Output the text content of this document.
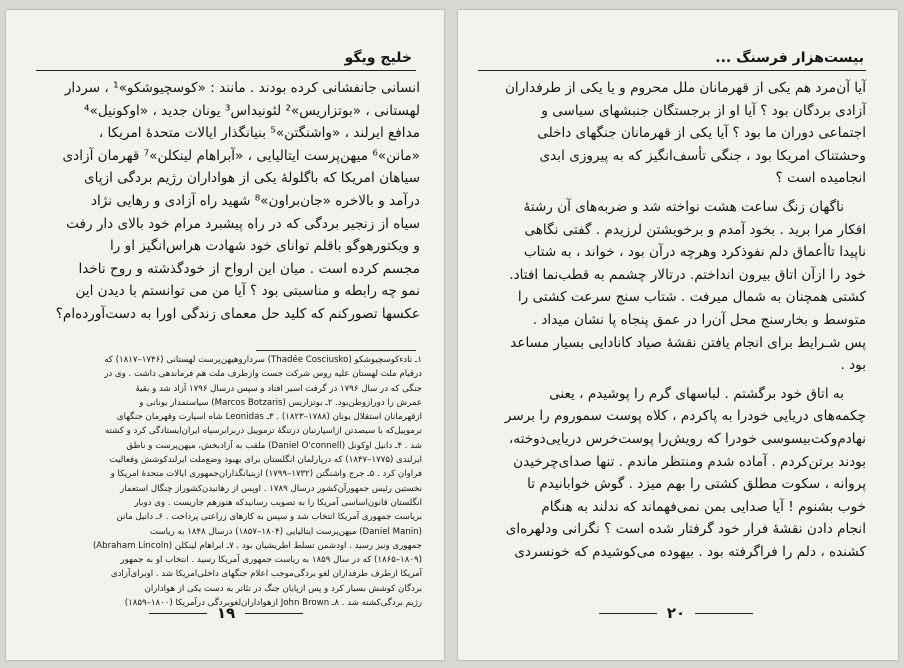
خلیج ویگو

انسانی جانفشانی کرده بودند . مانند : «کوسچیوشکو»¹ ، سردار

لهستانی ، «بوتزاریس»² لئونیداس³ یونان جدید ، «اوکونیل»⁴

مدافع ایرلند ، «واشنگتن»⁵ بنیانگذار ایالات متحدهٔ امریکا ،

«مانن»⁶ میهن‌پرست ایتالیایی ، «آبراهام لینکلن»⁷ قهرمان آزادی

سیاهان امریکا که باگلولهٔ یکی از هواداران رژیم بردگی ازپای

درآمد و بالاخره «جان‌براون»⁸ شهید راه آزادی و رهایی نژاد

سیاه از زنجیر بردگی که در راه پیشبرد مرام خود بالای دار رفت

و ویکتورهوگو باقلم توانای خود شهادت هراس‌انگیز او را

مجسم کرده است . میان این ارواح از خودگذشته و روح ناخدا

نمو چه رابطه و مناسبتی بود ؟ آیا من می توانستم با دیدن این

عکسها تصورکنم که کلید حل معمای زندگی اورا به دست‌آورده‌ام؟

۱ـ تادءکوسچیوشکو (Thadée Cosciusko) سرداروهیهن‌پرست لهستانی (۱۷۴۶–۱۸۱۷) که

درقیام ملت لهستان علیه روس شرکت جست وازطرف ملت هم فرماندهی داشت . وی در

جنگی که در سال ۱۷۹۶ در گرفت اسیر افتاد و سپس درسال ۱۷۹۶ آزاد شد و بقیهٔ

عمرش را دورازوطن‌بود. ۲ـ بوتزاریس (Marcos Botzaris) سیاستمدار یونانی و

ازقهرمانان استقلال یونان (۱۷۸۸–۱۸۲۳) . ۳ـ Leonidas شاه اسپارت وقهرمان جنگهای

ترموپیل‌که با سیصدتن ازاسپارتیان درتنگهٔ ترموپیل دربرابرسپاه ایران‌ایستادگی کرد و کشته

شد . ۴ـ دانیل اوکونل (Daniel O'connell) ملقب به آزادبخش، میهن‌پرست و ناطق

ایرلندی (۱۷۷۵–۱۸۴۷) که درپارلمان انگلستان برای بهبود وضع‌ملت ایرلندکوشش وفعالیت

فراوان کرد . ۵ـ جرج واشنگتن (۱۷۳۲–۱۷۹۹) ازبنیانگذاران‌جمهوری ایالات متحدهٔ امریکا و

نخستین رئیس جمهورآن‌کشور درسال ۱۷۸۹ . اوپس از رهانیدن‌کشوراز چنگال استعمار

انگلستان قانون‌اساسی آمریکا را به تصویب رسانیدکه هنوزهم جاریست . وی دوبار

بریاست جمهوری آمریکا انتخاب شد و سپس به کارهای زراعتی پرداخت . ۶ـ دانیل مانن

(Daniel Manin) میهن‌پرست ایتالیایی (۱۸۰۴–۱۸۵۷) درسال ۱۸۴۸ به ریاست

جمهوری ونیز رسید . اودشمن تسلط اطریشیان بود . ۷ـ ابراهام لینکلن (Abraham Lincoln)

(۱۸۰۹–۱۸۶۵) که در سال ۱۸۵۹ به ریاست جمهوری آمریکا رسید . انتخاب او به جمهور

آمریکا ازطرف طرفداران لغو بردگی‌موجب اعلام جنگهای داخلی‌امریکا شد . اوبرای‌آزادی

بردگان کوشش بسیار کرد و پس ازپایان جنگ در تئاتر به دست یکی از هواداران

رژیم بردگی‌کشته شد . ۸ـ John Brown ازهواداران‌لغوبردگی درآمریکا (۱۸۰۰–۱۸۵۹)

۱۹
بیست‌هزار فرسنگ ...

آیا آن‌مرد هم یکی از قهرمانان ملل محروم و یا یکی از طرفداران

آزادی بردگان بود ؟ آیا او از برجستگان جنبشهای سیاسی و

اجتماعی دوران ما بود ؟ آیا یکی از قهرمانان جنگهای داخلی

وحشتناک امریکا بود ، جنگی تأسف‌انگیز که به پیروزی ابدی

انجامیده است ؟

ناگهان زنگ ساعت هشت نواخته شد و ضربه‌های آن رشتهٔ

افکار مرا برید . بخود آمدم و برخویشتن لرزیدم . گفتی نگاهی

ناپیدا تاأعماق دلم نفوذکرد وهرچه درآن بود ، خواند ، به شتاب

خود را ازآن اتاق بیرون انداختم. درتالار چشمم به قطب‌نما افتاد.

کشتی همچنان به شمال میرفت . شتاب سنج سرعت کشتی را

متوسط و بخارسنج محل آن‌را در عمق پنجاه پا نشان میداد .

پس شـرایط برای انجام یافتن نقشهٔ صیاد کانادایی بسیار مساعد

بود .

به اتاق خود برگشتم . لباسهای گرم را پوشیدم ، یعنی

چکمه‌های دریایی خودرا به پاکردم ، کلاه پوست سموروم را برسر

نهادم‌وکت‌بیسوسی خودرا که رویش‌را پوست‌خرس دریایی‌دوخته،

بودند برتن‌کردم . آماده شدم ومنتظر ماندم . تنها صدای‌چرخیدن

پروانه ، سکوت مطلق کشتی را بهم میزد . گوش خوابانیدم تا

خوب بشنوم ! آیا صدایی بمن نمی‌فهماند که ندلند به هنگام

انجام دادن نقشهٔ فرار خود گرفتار شده است ؟ نگرانی ودلهره‌ای

کشنده ، دلم را فراگرفته بود . بیهوده می‌کوشیدم که خونسردی

۲۰
